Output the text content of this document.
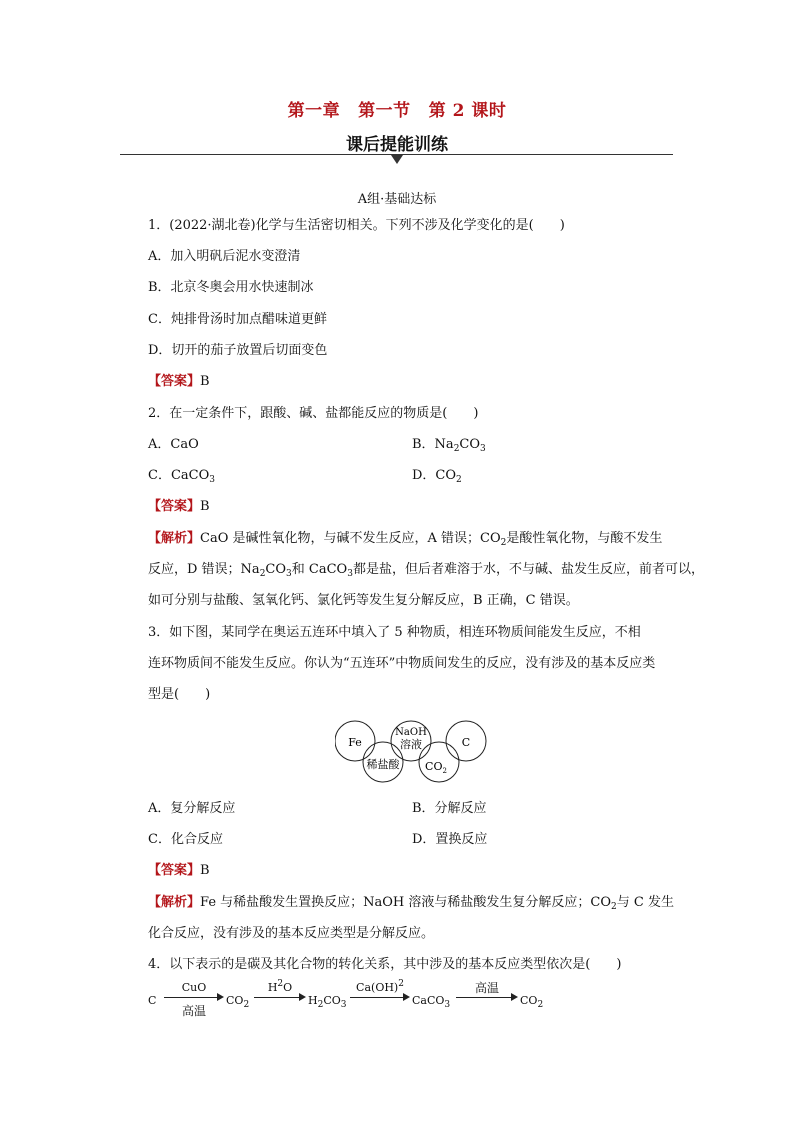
第一章 第一节 第 2 课时
课后提能训练
A组·基础达标
1．(2022·湖北卷)化学与生活密切相关。下列不涉及化学变化的是(　　)
A．加入明矾后泥水变澄清
B．北京冬奥会用水快速制冰
C．炖排骨汤时加点醋味道更鲜
D．切开的茄子放置后切面变色
【答案】B
2．在一定条件下，跟酸、碱、盐都能反应的物质是(　　)
A．CaO	B．$Na_2CO_3$
C．CaCO$_3$	D．$CO_2$
【答案】B
【解析】CaO 是碱性氧化物，与碱不发生反应，A 错误；$CO_2$是酸性氧化物，与酸不发生
反应，D 错误；$Na_2CO_3$和 CaCO$_3$都是盐，但后者难溶于水，不与碱、盐发生反应，前者可以，
如可分别与盐酸、氢氧化钙、氯化钙等发生复分解反应，B 正确，C 错误。
3．如下图，某同学在奥运五连环中填入了 5 种物质，相连环物质间能发生反应，不相
连环物质间不能发生反应。你认为“五连环”中物质间发生的反应，没有涉及的基本反应类
型是(　　)
Fe
稀盐酸
NaOH
溶液
$CO_2$
C
A．复分解反应	B．分解反应
C．化合反应	D．置换反应
【答案】B
【解析】Fe 与稀盐酸发生置换反应；NaOH 溶液与稀盐酸发生复分解反应；$CO_2$与 C 发生
化合反应，没有涉及的基本反应类型是分解反应。
4．以下表示的是碳及其化合物的转化关系，其中涉及的基本反应类型依次是(　　)
C
CuO
高温
$CO_2$
$H^2O$
$H_2CO_3$
Ca(OH)$^2$
CaCO$_3$
高温
$CO_2$
